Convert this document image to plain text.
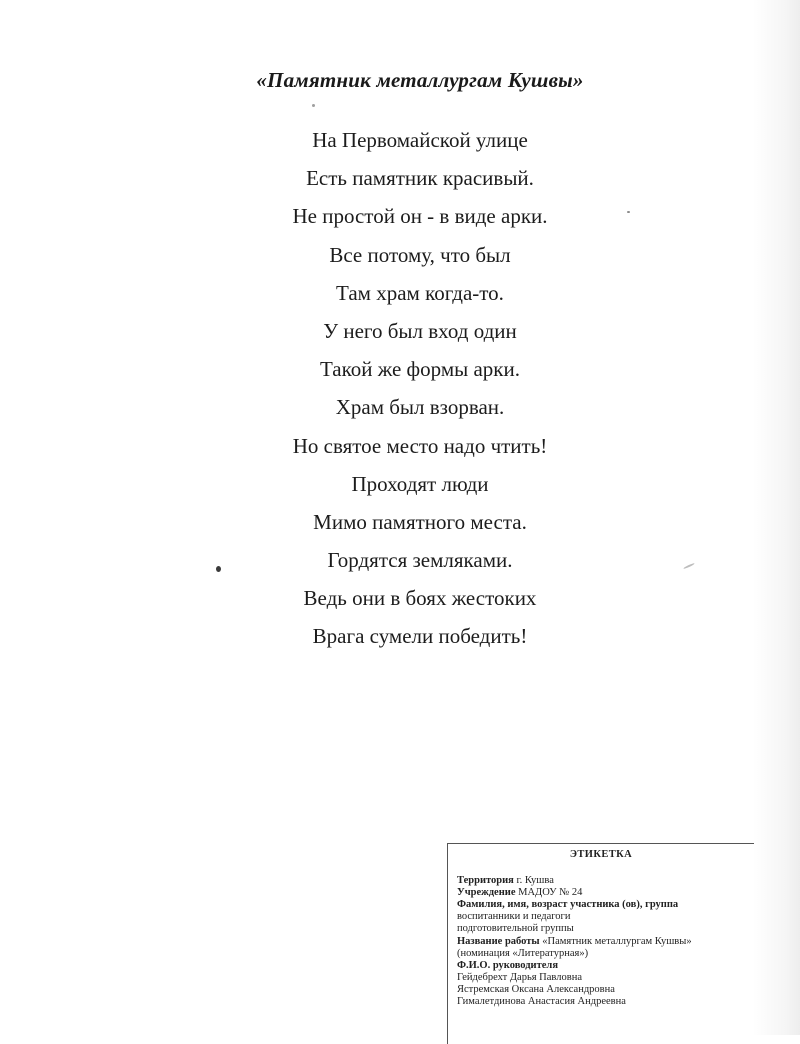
«Памятник металлургам Кушвы»
На Первомайской улице
Есть памятник красивый.
Не простой он - в виде арки.
Все потому, что был
Там храм когда-то.
У него был вход один
Такой же формы арки.
Храм был взорван.
Но святое место надо чтить!
Проходят люди
Мимо памятного места.
Гордятся земляками.
Ведь они в боях жестоких
Врага сумели победить!
ЭТИКЕТКА
Территория г. Кушва
Учреждение МАДОУ № 24
Фамилия, имя, возраст участника (ов), группа
воспитанники и педагоги
подготовительной группы
Название работы «Памятник металлургам Кушвы»
(номинация «Литературная»)
Ф.И.О. руководителя
Гейдебрехт Дарья Павловна
Ястремская Оксана Александровна
Гималетдинова Анастасия Андреевна
